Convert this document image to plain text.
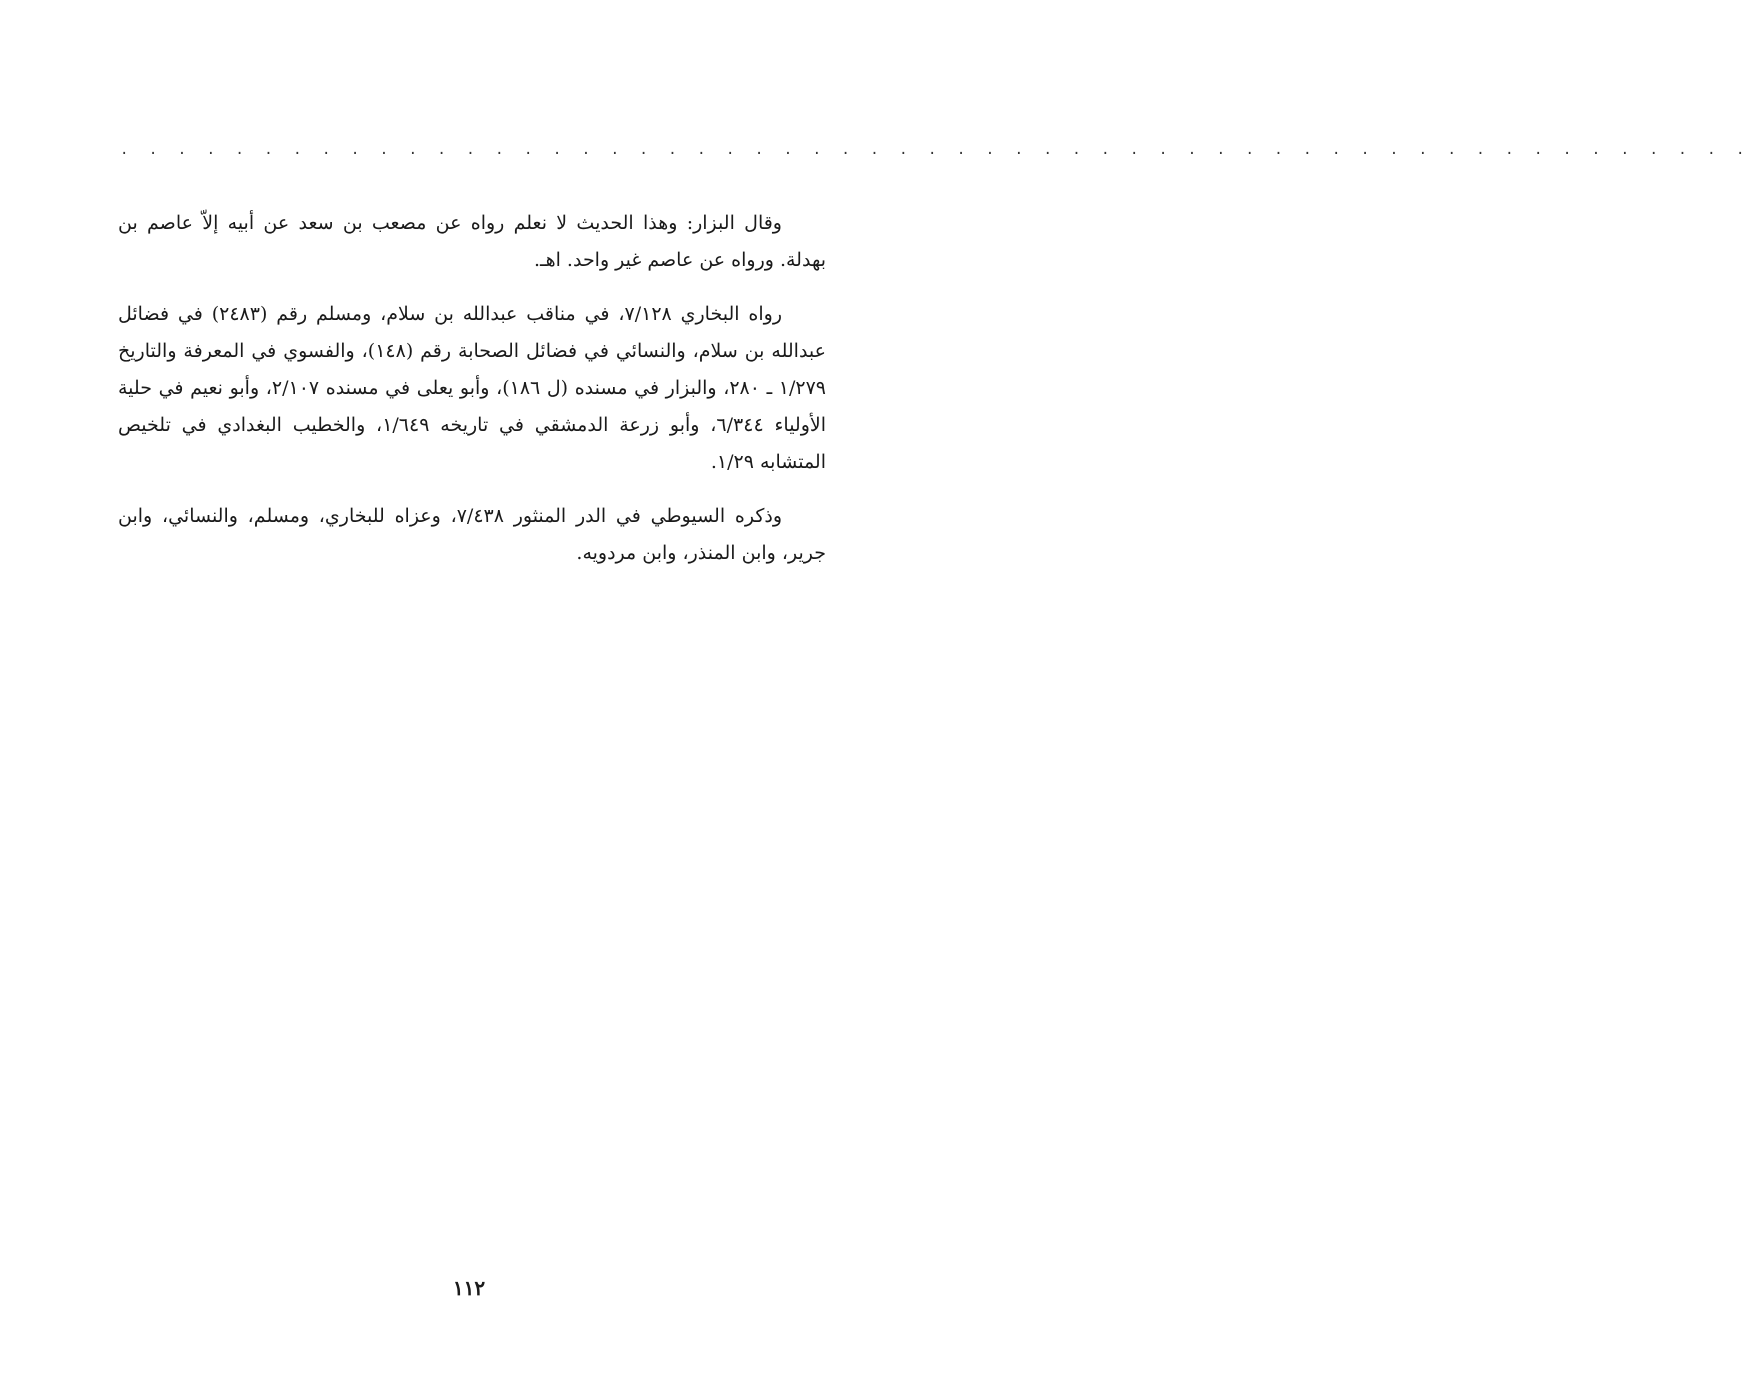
. . . . . . . . . . . . . . . . . . . . . . . . . . . . . . . . . . . . . . . . . . . . . . . . . . . . . . . . .

وقال البزار: وهذا الحديث لا نعلم رواه عن مصعب بن سعد عن أبيه إلاّ عاصم بن بهدلة. ورواه عن عاصم غير واحد. اهـ.

رواه البخاري ٧/١٢٨، في مناقب عبدالله بن سلام، ومسلم رقم (٢٤٨٣) في فضائل عبدالله بن سلام، والنسائي في فضائل الصحابة رقم (١٤٨)، والفسوي في المعرفة والتاريخ ١/٢٧٩ ـ ٢٨٠، والبزار في مسنده (ل ١٨٦)، وأبو يعلى في مسنده ٢/١٠٧، وأبو نعيم في حلية الأولياء ٦/٣٤٤، وأبو زرعة الدمشقي في تاريخه ١/٦٤٩، والخطيب البغدادي في تلخيص المتشابه ١/٢٩.

وذكره السيوطي في الدر المنثور ٧/٤٣٨، وعزاه للبخاري، ومسلم، والنسائي، وابن جرير، وابن المنذر، وابن مردويه.

١١٢
